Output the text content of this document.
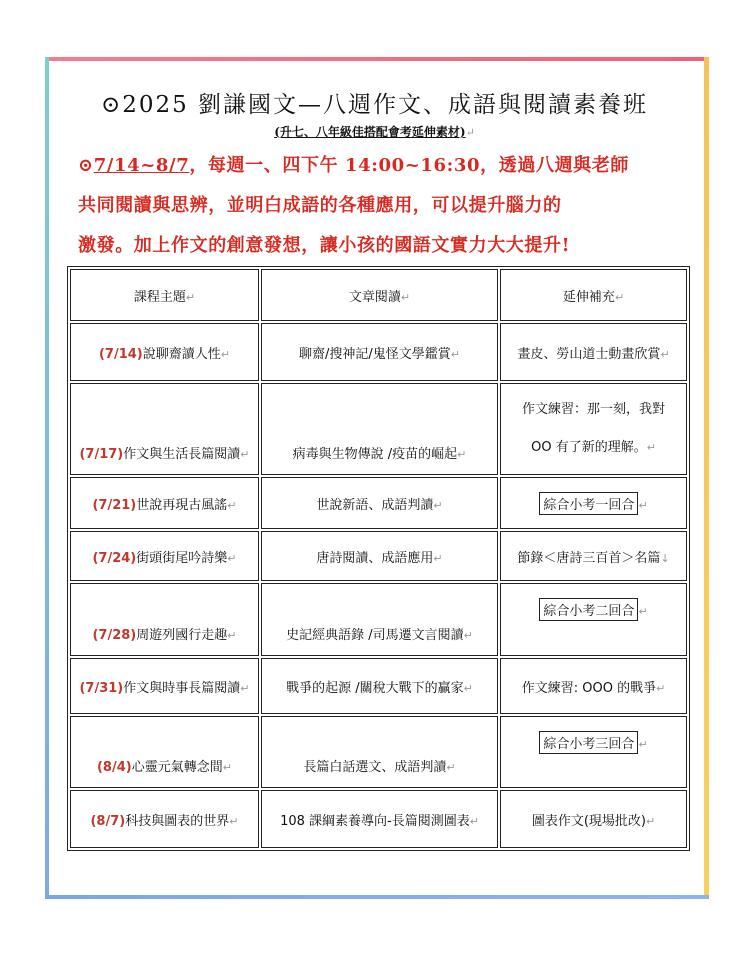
⊙2025 劉謙國文—八週作文、成語與閱讀素養班
(升七、八年級佳搭配會考延伸素材)↵
⊙7/14~8/7，每週一、四下午 14:00~16:30，透過八週與老師
共同閱讀與思辨，並明白成語的各種應用，可以提升腦力的
激發。加上作文的創意發想，讓小孩的國語文實力大大提升!
課程主題↵	文章閱讀↵	延伸補充↵
(7/14)說聊齋讀人性↵	聊齋/搜神記/鬼怪文學鑑賞↵	畫皮、勞山道士動畫欣賞↵
(7/17)作文與生活長篇閱讀↵	病毒與生物傳說 /疫苗的崛起↵	作文練習：那一刻，我對
OO 有了新的理解。↵
(7/21)世說再現古風謠↵	世說新語、成語判讀↵	綜合小考一回合 ↵
(7/24)街頭街尾吟詩樂↵	唐詩閱讀、成語應用↵	節錄＜唐詩三百首＞名篇↓
(7/28)周遊列國行走趣↵	史記經典語錄 /司馬遷文言閱讀↵	綜合小考二回合 ↵
(7/31)作文與時事長篇閱讀↵	戰爭的起源 /關稅大戰下的贏家↵	作文練習: OOO 的戰爭↵
(8/4)心靈元氣轉念間↵	長篇白話選文、成語判讀↵	綜合小考三回合 ↵
(8/7)科技與圖表的世界↵	108 課綱素養導向-長篇閱測圖表↵	圖表作文(現場批改)↵
